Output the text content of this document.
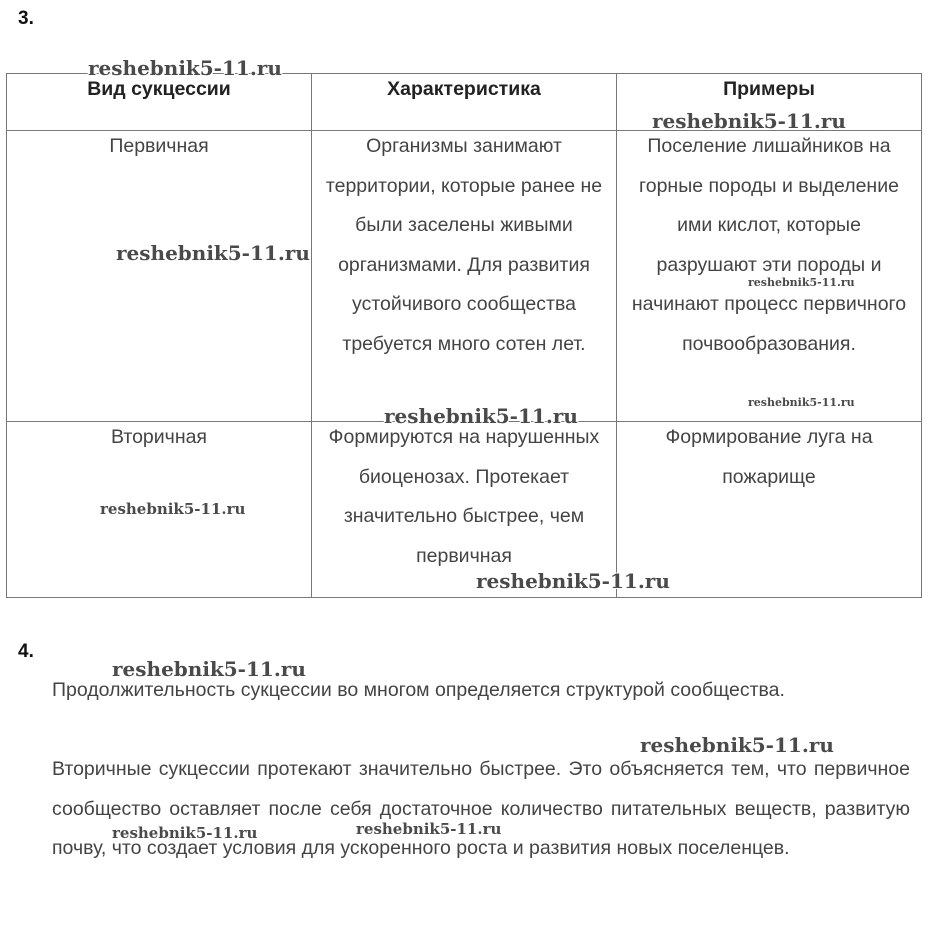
3.
Вид сукцессии	Характеристика	Примеры

Первичная	Организмы занимают территории, которые ранее не были заселены живыми организмами. Для развития устойчивого сообщества требуется много сотен лет.	Поселение лишайников на горные породы и выделение ими кислот, которые разрушают эти породы и начинают процесс первичного почвообразования.

Вторичная	Формируются на нарушенных биоценозах. Протекает значительно быстрее, чем первичная	Формирование луга на пожарище
4.
Продолжительность сукцессии во многом определяется структурой сообщества.
Вторичные сукцессии протекают значительно быстрее. Это объясняется тем, что первичное сообщество оставляет после себя достаточное количество питательных веществ, развитую почву, что создает условия для ускоренного роста и развития новых поселенцев.
reshebnik5-11.ru
reshebnik5-11.ru
reshebnik5-11.ru
reshebnik5-11.ru
reshebnik5-11.ru
reshebnik5-11.ru
reshebnik5-11.ru
reshebnik5-11.ru
reshebnik5-11.ru
reshebnik5-11.ru
reshebnik5-11.ru	reshebnik5-11.ru
